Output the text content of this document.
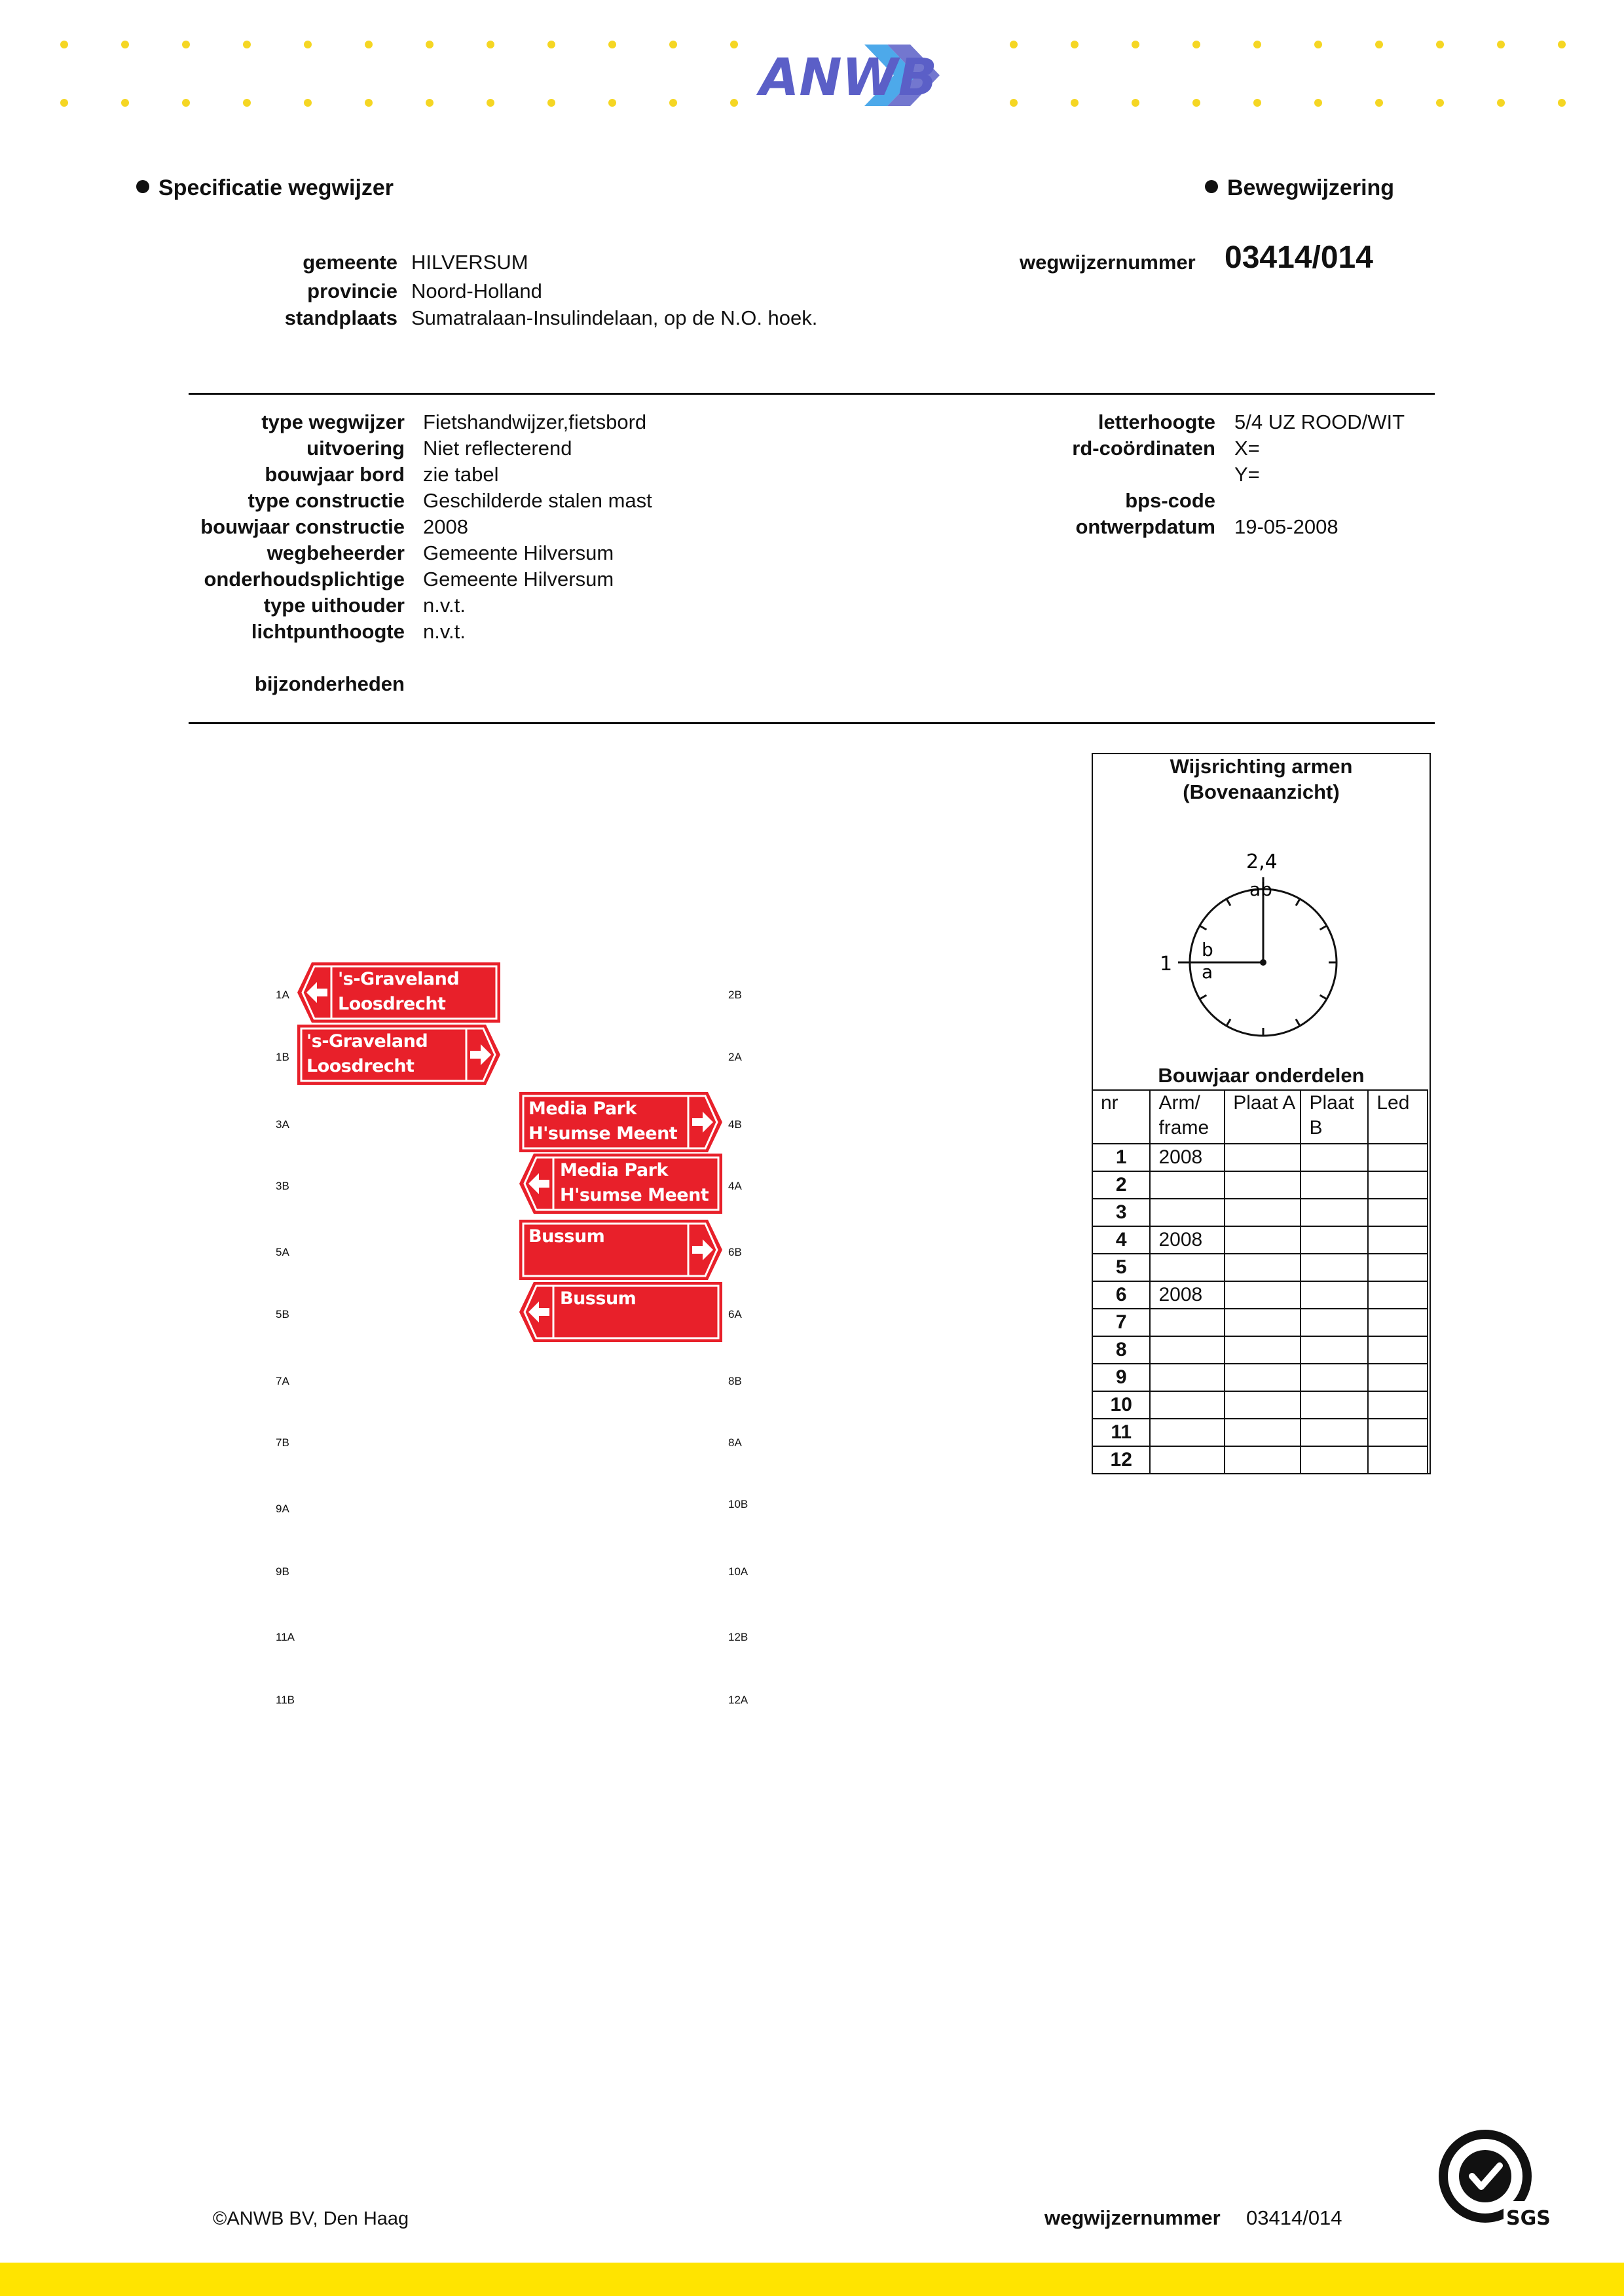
ANWB
Specificatie wegwijzer	Bewegwijzering
gemeente HILVERSUM
provincie Noord-Holland
standplaats Sumatralaan-Insulindelaan, op de N.O. hoek.
wegwijzernummer 03414/014
type wegwijzer Fietshandwijzer,fietsbord
uitvoering Niet reflecterend
bouwjaar bord zie tabel
type constructie Geschilderde stalen mast
bouwjaar constructie 2008
wegbeheerder Gemeente Hilversum
onderhoudsplichtige Gemeente Hilversum
type uithouder n.v.t.
lichtpunthoogte n.v.t.
bijzonderheden
letterhoogte 5/4 UZ ROOD/WIT
rd-coördinaten X=
Y=
bps-code
ontwerpdatum 19-05-2008
1A
1B
3A
3B
5A
5B
7A
7B
9A
9B
11A
11B
2B
2A
4B
4A
6B
6A
8B
8A
10B
10A
12B
12A
's-Graveland
Loosdrecht
's-Graveland
Loosdrecht
Media Park
H'sumse Meent
Media Park
H'sumse Meent
Bussum
Bussum
Wijsrichting armen
(Bovenaanzicht)
2,4
ab
1
b
a
Bouwjaar onderdelen
nr	Arm/ frame	Plaat A	Plaat B	Led
1	2008			
2				
3				
4	2008			
5				
6	2008			
7				
8				
9				
10				
11				
12				
©ANWB BV, Den Haag	wegwijzernummer 03414/014	SGS
